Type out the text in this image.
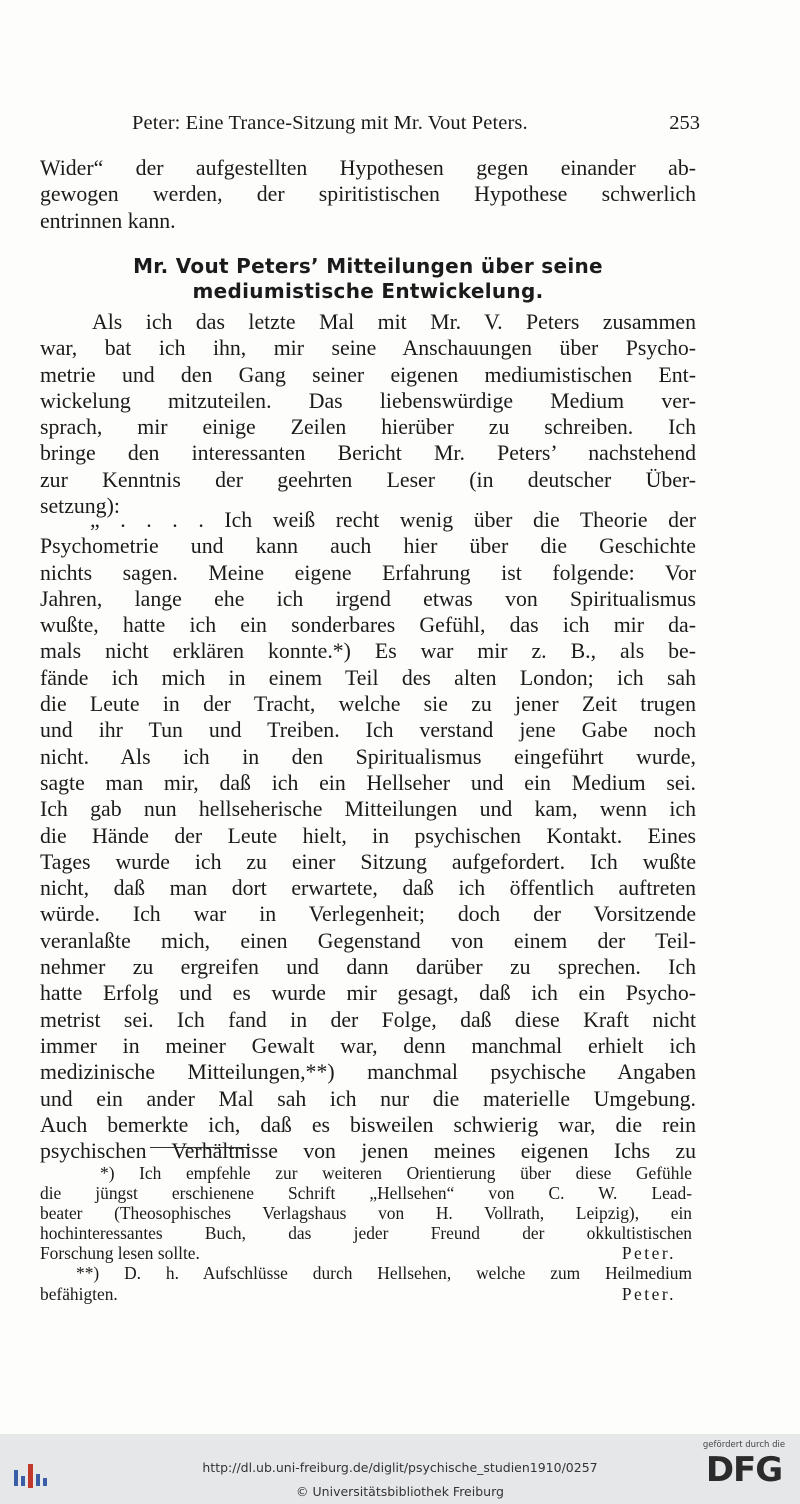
Peter: Eine Trance-Sitzung mit Mr. Vout Peters.	253
Wider“ der aufgestellten Hypothesen gegen einander ab-
gewogen werden, der spiritistischen Hypothese schwerlich
entrinnen kann.
Mr. Vout Peters’ Mitteilungen über seine
mediumistische Entwickelung.
Als ich das letzte Mal mit Mr. V. Peters zusammen
war, bat ich ihn, mir seine Anschauungen über Psycho-
metrie und den Gang seiner eigenen mediumistischen Ent-
wickelung mitzuteilen. Das liebenswürdige Medium ver-
sprach, mir einige Zeilen hierüber zu schreiben. Ich
bringe den interessanten Bericht Mr. Peters’ nachstehend
zur Kenntnis der geehrten Leser (in deutscher Über-
setzung):
„ . . . . Ich weiß recht wenig über die Theorie der
Psychometrie und kann auch hier über die Geschichte
nichts sagen. Meine eigene Erfahrung ist folgende: Vor
Jahren, lange ehe ich irgend etwas von Spiritualismus
wußte, hatte ich ein sonderbares Gefühl, das ich mir da-
mals nicht erklären konnte.*) Es war mir z. B., als be-
fände ich mich in einem Teil des alten London; ich sah
die Leute in der Tracht, welche sie zu jener Zeit trugen
und ihr Tun und Treiben. Ich verstand jene Gabe noch
nicht. Als ich in den Spiritualismus eingeführt wurde,
sagte man mir, daß ich ein Hellseher und ein Medium sei.
Ich gab nun hellseherische Mitteilungen und kam, wenn ich
die Hände der Leute hielt, in psychischen Kontakt. Eines
Tages wurde ich zu einer Sitzung aufgefordert. Ich wußte
nicht, daß man dort erwartete, daß ich öffentlich auftreten
würde. Ich war in Verlegenheit; doch der Vorsitzende
veranlaßte mich, einen Gegenstand von einem der Teil-
nehmer zu ergreifen und dann darüber zu sprechen. Ich
hatte Erfolg und es wurde mir gesagt, daß ich ein Psycho-
metrist sei. Ich fand in der Folge, daß diese Kraft nicht
immer in meiner Gewalt war, denn manchmal erhielt ich
medizinische Mitteilungen,**) manchmal psychische Angaben
und ein ander Mal sah ich nur die materielle Umgebung.
Auch bemerkte ich, daß es bisweilen schwierig war, die rein
psychischen Verhältnisse von jenen meines eigenen Ichs zu
*) Ich empfehle zur weiteren Orientierung über diese Gefühle
die jüngst erschienene Schrift „Hellsehen“ von C. W. Lead-
beater (Theosophisches Verlagshaus von H. Vollrath, Leipzig), ein
hochinteressantes Buch, das jeder Freund der okkultistischen
Forschung lesen sollte.	Peter.
**) D. h. Aufschlüsse durch Hellsehen, welche zum Heilmedium
befähigten.	Peter.
http://dl.ub.uni-freiburg.de/diglit/psychische_studien1910/0257
© Universitätsbibliothek Freiburg
gefördert durch die
DFG
